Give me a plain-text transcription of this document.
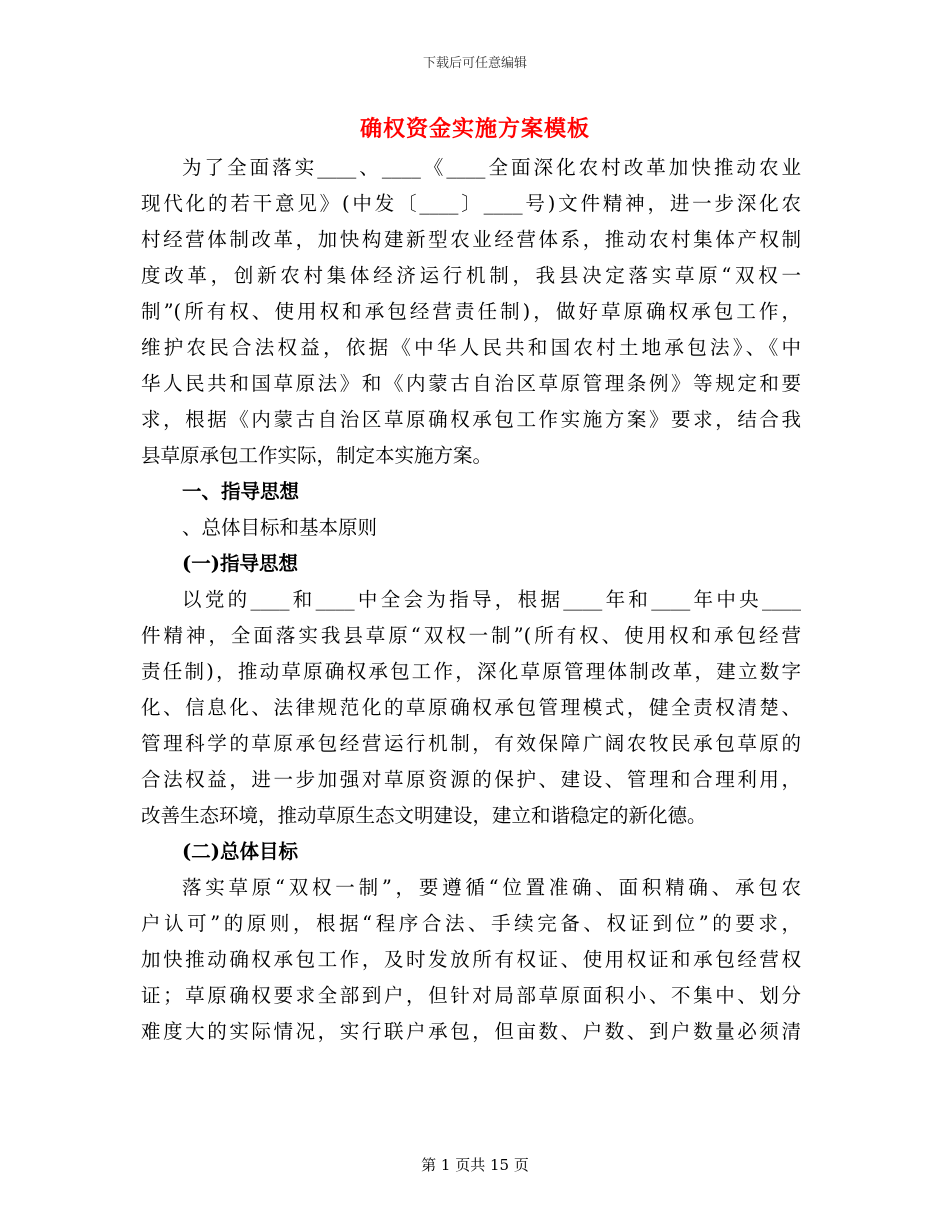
下载后可任意编辑
确权资金实施方案模板
为了全面落实____、____《____全面深化农村改革加快推动农业
现代化的若干意见》(中发〔____〕____号)文件精神，进一步深化农
村经营体制改革，加快构建新型农业经营体系，推动农村集体产权制
度改革，创新农村集体经济运行机制，我县决定落实草原“双权一
制”(所有权、使用权和承包经营责任制)，做好草原确权承包工作，
维护农民合法权益，依据《中华人民共和国农村土地承包法》、《中
华人民共和国草原法》和《内蒙古自治区草原管理条例》等规定和要
求，根据《内蒙古自治区草原确权承包工作实施方案》要求，结合我
县草原承包工作实际，制定本实施方案。
一、指导思想
、总体目标和基本原则
(一)指导思想
以党的____和____中全会为指导，根据____年和____年中央____
件精神，全面落实我县草原“双权一制”(所有权、使用权和承包经营
责任制)，推动草原确权承包工作，深化草原管理体制改革，建立数字
化、信息化、法律规范化的草原确权承包管理模式，健全责权清楚、
管理科学的草原承包经营运行机制，有效保障广阔农牧民承包草原的
合法权益，进一步加强对草原资源的保护、建设、管理和合理利用，
改善生态环境，推动草原生态文明建设，建立和谐稳定的新化德。
(二)总体目标
落实草原“双权一制”，要遵循“位置准确、面积精确、承包农
户认可”的原则，根据“程序合法、手续完备、权证到位”的要求，
加快推动确权承包工作，及时发放所有权证、使用权证和承包经营权
证；草原确权要求全部到户，但针对局部草原面积小、不集中、划分
难度大的实际情况，实行联户承包，但亩数、户数、到户数量必须清
第 1 页共 15 页
